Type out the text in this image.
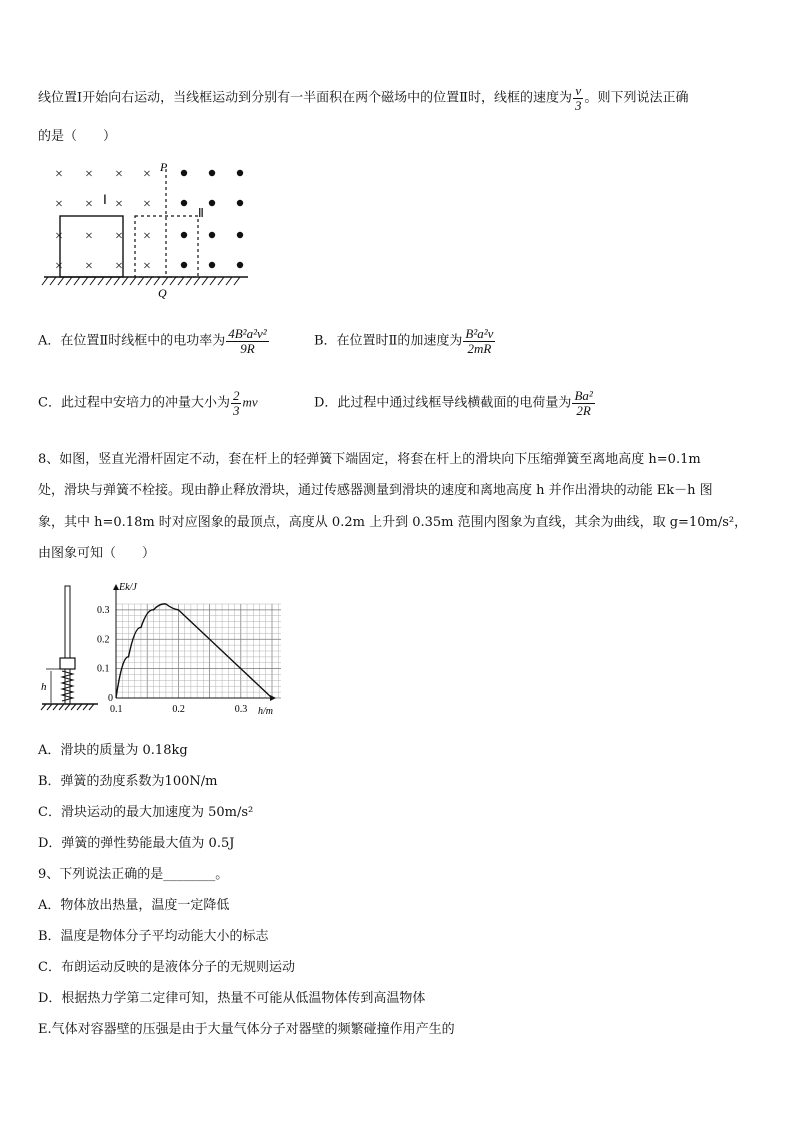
线位置Ⅰ开始向右运动，当线框运动到分别有一半面积在两个磁场中的位置Ⅱ时，线框的速度为 $\frac{v}{3}$ 。则下列说法正确
的是（　　）
× × × ×
× × × ×
× × × ×
× × × ×
P
Q
Ⅰ
Ⅱ
A．在位置Ⅱ时线框中的电功率为 $\frac{\text{4B²a²v²}}{9R}$	B．在位置时Ⅱ的加速度为 $\frac{\text{B²a²v}}{2mR}$
C．此过程中安培力的冲量大小为 $\frac{2}{3}$ mv	D．此过程中通过线框导线横截面的电荷量为 $\frac{\text{Ba²}}{2R}$
8、如图，竖直光滑杆固定不动，套在杆上的轻弹簧下端固定，将套在杆上的滑块向下压缩弹簧至离地高度 h=0.1m
处，滑块与弹簧不栓接。现由静止释放滑块，通过传感器测量到滑块的速度和离地高度 h 并作出滑块的动能 Ek－h 图
象，其中 h=0.18m 时对应图象的最顶点，高度从 0.2m 上升到 0.35m 范围内图象为直线，其余为曲线，取 g=10m/s²，
由图象可知（　　）
h
0.1	0.2	0.3
0
0.1
0.2
0.3
Ek/J
h/m
A．滑块的质量为 0.18kg
B．弹簧的劲度系数为100N/m
C．滑块运动的最大加速度为 50m/s²
D．弹簧的弹性势能最大值为 0.5J
9、下列说法正确的是________。
A．物体放出热量，温度一定降低
B．温度是物体分子平均动能大小的标志
C．布朗运动反映的是液体分子的无规则运动
D．根据热力学第二定律可知，热量不可能从低温物体传到高温物体
E.气体对容器壁的压强是由于大量气体分子对器壁的频繁碰撞作用产生的
